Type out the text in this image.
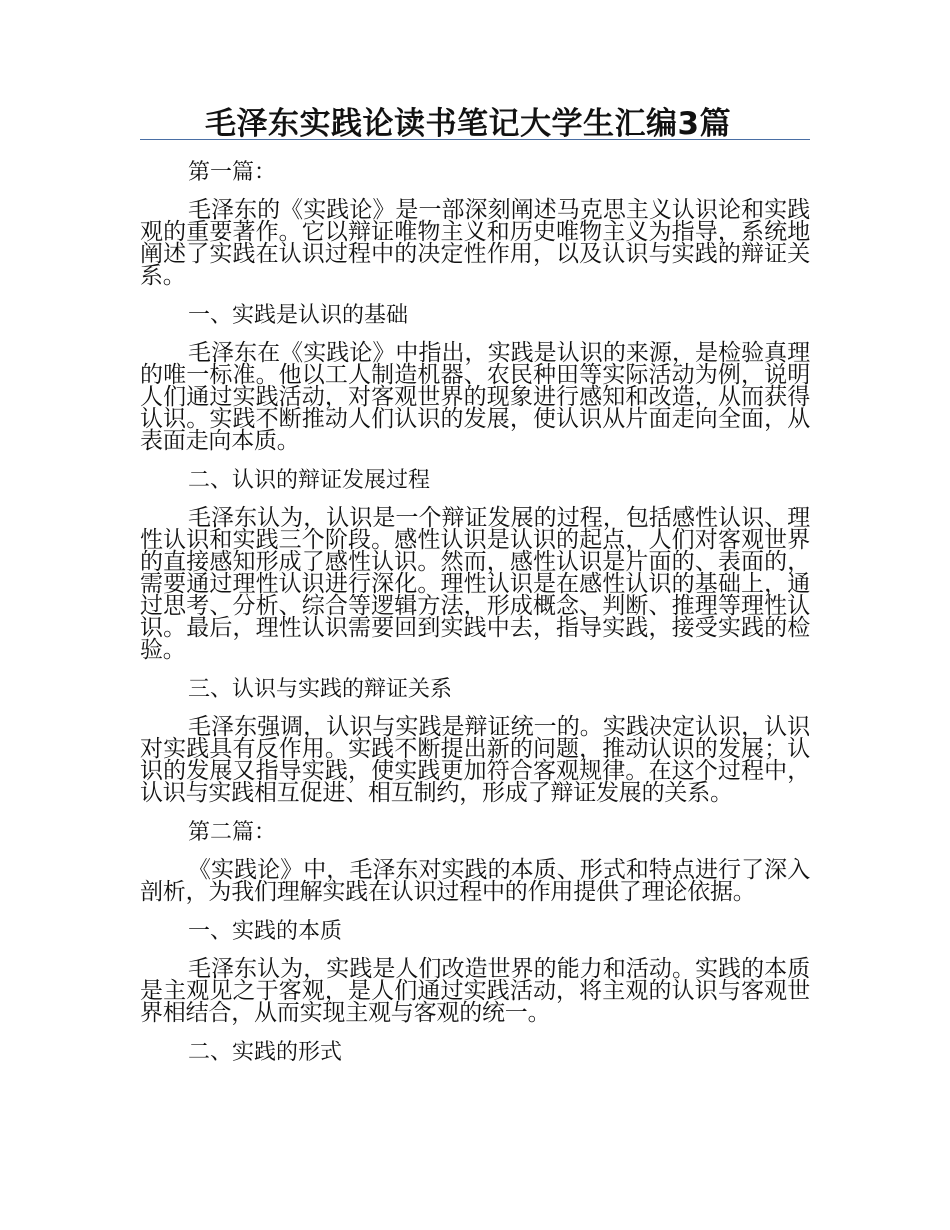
毛泽东实践论读书笔记大学生汇编3篇

第一篇：

毛泽东的《实践论》是一部深刻阐述马克思主义认识论和实践观的重要著作。它以辩证唯物主义和历史唯物主义为指导，系统地阐述了实践在认识过程中的决定性作用，以及认识与实践的辩证关系。

一、实践是认识的基础

毛泽东在《实践论》中指出，实践是认识的来源，是检验真理的唯一标准。他以工人制造机器、农民种田等实际活动为例，说明人们通过实践活动，对客观世界的现象进行感知和改造，从而获得认识。实践不断推动人们认识的发展，使认识从片面走向全面，从表面走向本质。

二、认识的辩证发展过程

毛泽东认为，认识是一个辩证发展的过程，包括感性认识、理性认识和实践三个阶段。感性认识是认识的起点，人们对客观世界的直接感知形成了感性认识。然而，感性认识是片面的、表面的，需要通过理性认识进行深化。理性认识是在感性认识的基础上，通过思考、分析、综合等逻辑方法，形成概念、判断、推理等理性认识。最后，理性认识需要回到实践中去，指导实践，接受实践的检验。

三、认识与实践的辩证关系

毛泽东强调，认识与实践是辩证统一的。实践决定认识，认识对实践具有反作用。实践不断提出新的问题，推动认识的发展；认识的发展又指导实践，使实践更加符合客观规律。在这个过程中，认识与实践相互促进、相互制约，形成了辩证发展的关系。

第二篇：

《实践论》中，毛泽东对实践的本质、形式和特点进行了深入剖析，为我们理解实践在认识过程中的作用提供了理论依据。

一、实践的本质

毛泽东认为，实践是人们改造世界的能力和活动。实践的本质是主观见之于客观，是人们通过实践活动，将主观的认识与客观世界相结合，从而实现主观与客观的统一。

二、实践的形式
